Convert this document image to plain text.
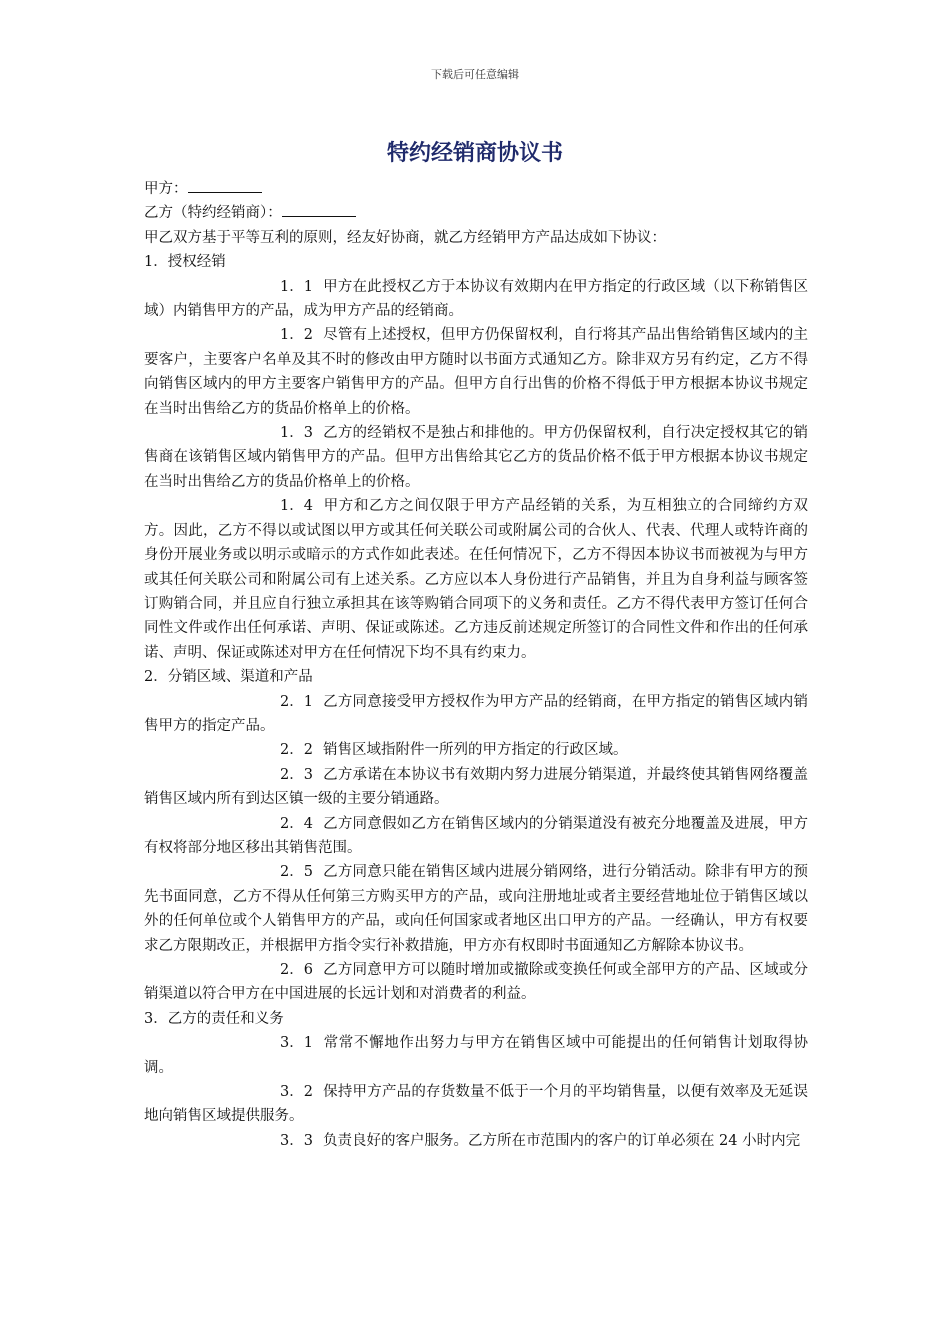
下载后可任意编辑
特约经销商协议书

甲方：

乙方（特约经销商）：

甲乙双方基于平等互利的原则，经友好协商，就乙方经销甲方产品达成如下协议：

1．授权经销

1．1 甲方在此授权乙方于本协议有效期内在甲方指定的行政区域（以下称销售区域）内销售甲方的产品，成为甲方产品的经销商。

1．2 尽管有上述授权，但甲方仍保留权利，自行将其产品出售给销售区域内的主要客户，主要客户名单及其不时的修改由甲方随时以书面方式通知乙方。除非双方另有约定，乙方不得向销售区域内的甲方主要客户销售甲方的产品。但甲方自行出售的价格不得低于甲方根据本协议书规定在当时出售给乙方的货品价格单上的价格。

1．3 乙方的经销权不是独占和排他的。甲方仍保留权利，自行决定授权其它的销售商在该销售区域内销售甲方的产品。但甲方出售给其它乙方的货品价格不低于甲方根据本协议书规定在当时出售给乙方的货品价格单上的价格。

1．4 甲方和乙方之间仅限于甲方产品经销的关系，为互相独立的合同缔约方双方。因此，乙方不得以或试图以甲方或其任何关联公司或附属公司的合伙人、代表、代理人或特许商的身份开展业务或以明示或暗示的方式作如此表述。在任何情况下，乙方不得因本协议书而被视为与甲方或其任何关联公司和附属公司有上述关系。乙方应以本人身份进行产品销售，并且为自身利益与顾客签订购销合同，并且应自行独立承担其在该等购销合同项下的义务和责任。乙方不得代表甲方签订任何合同性文件或作出任何承诺、声明、保证或陈述。乙方违反前述规定所签订的合同性文件和作出的任何承诺、声明、保证或陈述对甲方在任何情况下均不具有约束力。

2．分销区域、渠道和产品

2．1 乙方同意接受甲方授权作为甲方产品的经销商，在甲方指定的销售区域内销售甲方的指定产品。

2．2 销售区域指附件一所列的甲方指定的行政区域。

2．3 乙方承诺在本协议书有效期内努力进展分销渠道，并最终使其销售网络覆盖销售区域内所有到达区镇一级的主要分销通路。

2．4 乙方同意假如乙方在销售区域内的分销渠道没有被充分地覆盖及进展，甲方有权将部分地区移出其销售范围。

2．5 乙方同意只能在销售区域内进展分销网络，进行分销活动。除非有甲方的预先书面同意，乙方不得从任何第三方购买甲方的产品，或向注册地址或者主要经营地址位于销售区域以外的任何单位或个人销售甲方的产品，或向任何国家或者地区出口甲方的产品。一经确认，甲方有权要求乙方限期改正，并根据甲方指令实行补救措施，甲方亦有权即时书面通知乙方解除本协议书。

2．6 乙方同意甲方可以随时增加或撤除或变换任何或全部甲方的产品、区域或分销渠道以符合甲方在中国进展的长远计划和对消费者的利益。

3．乙方的责任和义务

3．1 常常不懈地作出努力与甲方在销售区域中可能提出的任何销售计划取得协调。

3．2 保持甲方产品的存货数量不低于一个月的平均销售量，以便有效率及无延误地向销售区域提供服务。

3．3 负责良好的客户服务。乙方所在市范围内的客户的订单必须在 24 小时内完
